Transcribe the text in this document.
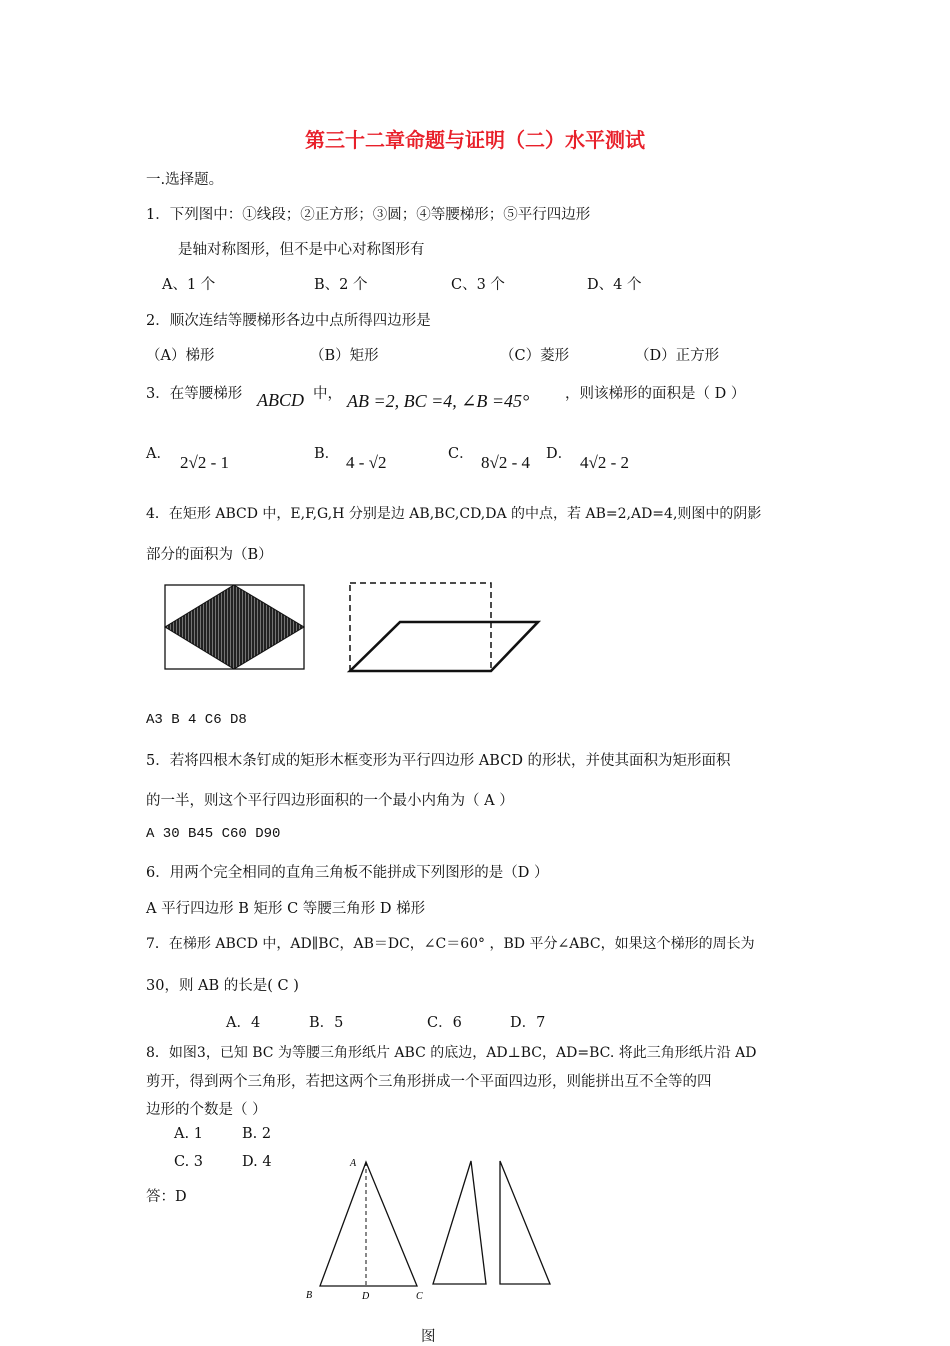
第三十二章命题与证明（二）水平测试
一.选择题。
1．下列图中：①线段；②正方形；③圆；④等腰梯形；⑤平行四边形
是轴对称图形，但不是中心对称图形有
A、1 个	B、2 个	C、3 个	D、4 个
2．顺次连结等腰梯形各边中点所得四边形是
（A）梯形	（B）矩形	（C）菱形	（D）正方形
3．在等腰梯形 ABCD 中， AB =2, BC =4, ∠B =45° ，则该梯形的面积是（ D ）
A． 2√2 - 1	B． 4 - √2	C． 8√2 - 4 D． 4√2 - 2
4．在矩形 ABCD 中，E,F,G,H 分别是边 AB,BC,CD,DA 的中点，若 AB=2,AD=4,则图中的阴影
部分的面积为（B）
A3 B 4 C6 D8
5．若将四根木条钉成的矩形木框变形为平行四边形 ABCD 的形状，并使其面积为矩形面积
的一半，则这个平行四边形面积的一个最小内角为（ A ）
A 30 B45 C60 D90
6．用两个完全相同的直角三角板不能拼成下列图形的是（D ）
A 平行四边形 B 矩形 C 等腰三角形 D 梯形
7．在梯形 ABCD 中，AD∥BC，AB＝DC，∠C＝60° ，BD 平分∠ABC，如果这个梯形的周长为
30，则 AB 的长是( C )
A．4	B．5	C．6	D．7
8．如图3，已知 BC 为等腰三角形纸片 ABC 的底边，AD⊥BC，AD=BC. 将此三角形纸片沿 AD
剪开，得到两个三角形，若把这两个三角形拼成一个平面四边形，则能拼出互不全等的四
边形的个数是（ ）
A. 1	B. 2
C. 3	D. 4
答：D
A
B	D	C
图
